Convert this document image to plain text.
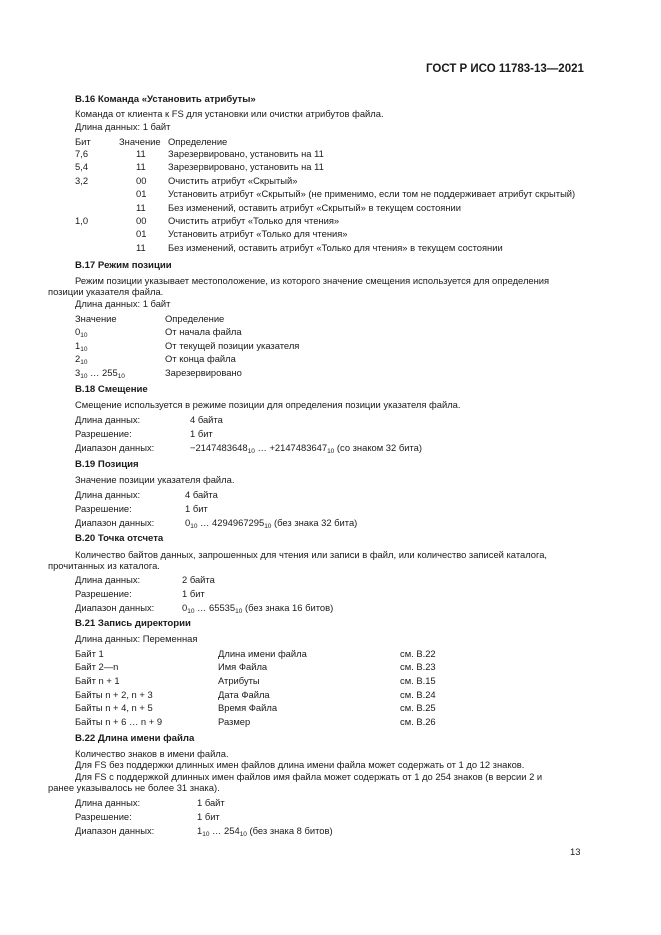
ГОСТ Р ИСО 11783-13—2021
B.16 Команда «Установить атрибуты»
Команда от клиента к FS для установки или очистки атрибутов файла.
Длина данных: 1 байт
Бит	Значение Определение
7,6	11 Зарезервировано, установить на 11
5,4	11 Зарезервировано, установить на 11
3,2	00 Очистить атрибут «Скрытый»
01 Установить атрибут «Скрытый» (не применимо, если том не поддерживает атрибут скрытый)
11 Без изменений, оставить атрибут «Скрытый» в текущем состоянии
1,0	00 Очистить атрибут «Только для чтения»
01 Установить атрибут «Только для чтения»
11 Без изменений, оставить атрибут «Только для чтения» в текущем состоянии
B.17 Режим позиции
Режим позиции указывает местоположение, из которого значение смещения используется для определения
позиции указателя файла.
Длина данных: 1 байт
Значение	Определение
$0_{10}$	От начала файла
$1_{10}$	От текущей позиции указателя
$2_{10}$	От конца файла
$3_{10}$ … $255_{10}$	Зарезервировано
B.18 Смещение
Смещение используется в режиме позиции для определения позиции указателя файла.
Длина данных:	4 байта
Разрешение:	1 бит
Диапазон данных:	$-2147483648_{10}$ … $+2147483647_{10}$ (со знаком 32 бита)
B.19 Позиция
Значение позиции указателя файла.
Длина данных:	4 байта
Разрешение:	1 бит
Диапазон данных:	$0_{10}$ … $4294967295_{10}$ (без знака 32 бита)
B.20 Точка отсчета
Количество байтов данных, запрошенных для чтения или записи в файл, или количество записей каталога,
прочитанных из каталога.
Длина данных:	2 байта
Разрешение:	1 бит
Диапазон данных:	$0_{10}$ … $65535_{10}$ (без знака 16 битов)
B.21 Запись директории
Длина данных: Переменная
Байт 1	Длина имени файла	см. B.22
Байт 2—n	Имя Файла	см. B.23
Байт n + 1	Атрибуты	см. B.15
Байты n + 2, n + 3	Дата Файла	см. B.24
Байты n + 4, n + 5	Время Файла	см. B.25
Байты n + 6 … n + 9	Размер	см. B.26
B.22 Длина имени файла
Количество знаков в имени файла.
Для FS без поддержки длинных имен файлов длина имени файла может содержать от 1 до 12 знаков.
Для FS с поддержкой длинных имен файлов имя файла может содержать от 1 до 254 знаков (в версии 2 и
ранее указывалось не более 31 знака).
Длина данных:	1 байт
Разрешение:	1 бит
Диапазон данных:	$1_{10}$ … $254_{10}$ (без знака 8 битов)
13
